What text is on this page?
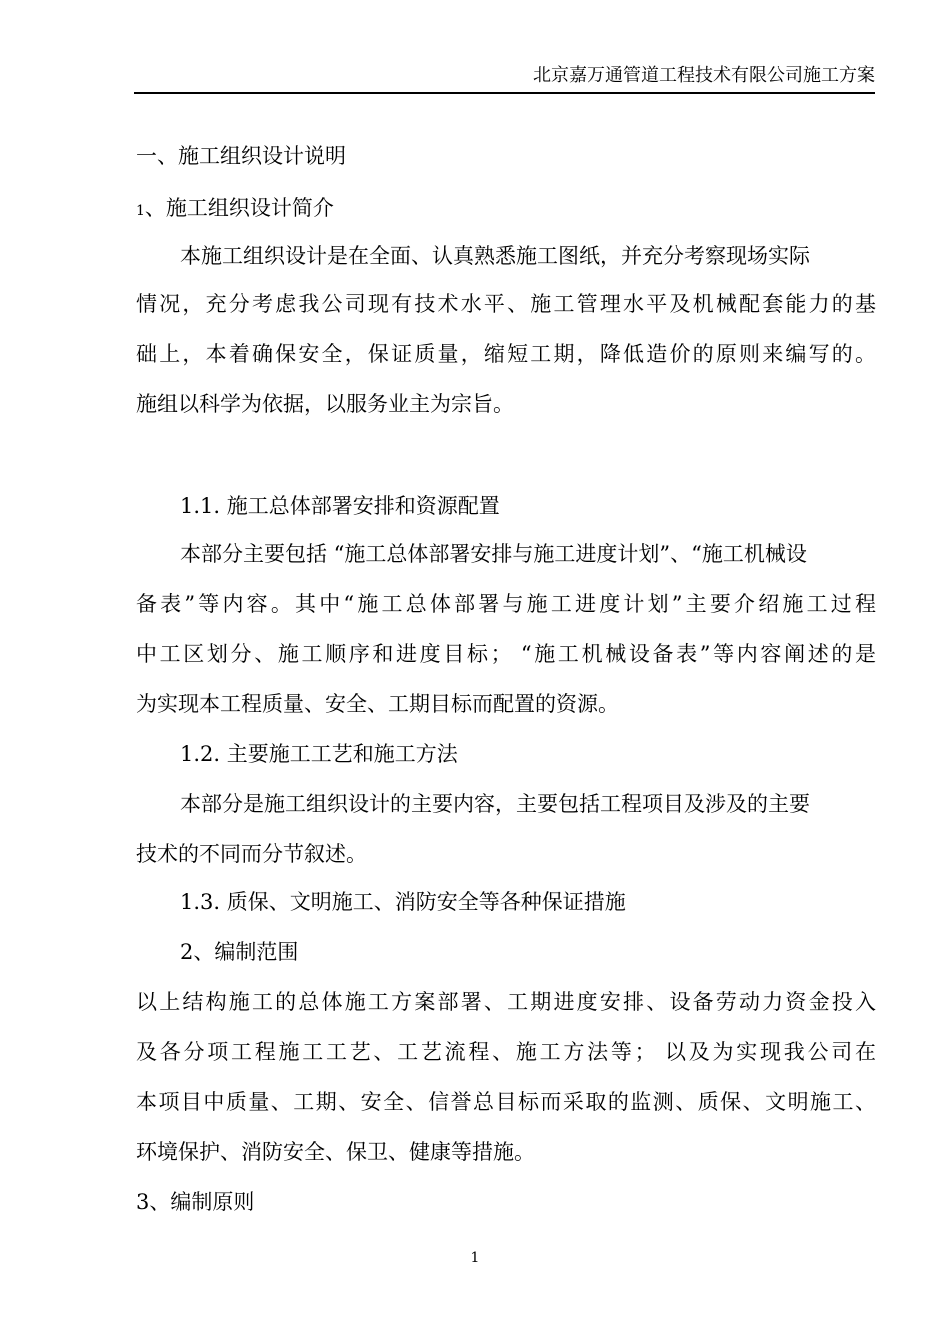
北京嘉万通管道工程技术有限公司施工方案
一、施工组织设计说明
1、施工组织设计简介
本施工组织设计是在全面、认真熟悉施工图纸，并充分考察现场实际
情况，充分考虑我公司现有技术水平、施工管理水平及机械配套能力的基
础上，本着确保安全，保证质量，缩短工期，降低造价的原则来编写的。
施组以科学为依据，以服务业主为宗旨。
1.1. 施工总体部署安排和资源配置
本部分主要包括 “施工总体部署安排与施工进度计划”、“施工机械设
备表”等内容。其中“施工总体部署与施工进度计划”主要介绍施工过程
中工区划分、施工顺序和进度目标； “施工机械设备表”等内容阐述的是
为实现本工程质量、安全、工期目标而配置的资源。
1.2. 主要施工工艺和施工方法
本部分是施工组织设计的主要内容，主要包括工程项目及涉及的主要
技术的不同而分节叙述。
1.3. 质保、文明施工、消防安全等各种保证措施
2、编制范围
以上结构施工的总体施工方案部署、工期进度安排、设备劳动力资金投入
及各分项工程施工工艺、工艺流程、施工方法等； 以及为实现我公司在
本项目中质量、工期、安全、信誉总目标而采取的监测、质保、文明施工、
环境保护、消防安全、保卫、健康等措施。
3、编制原则
1
